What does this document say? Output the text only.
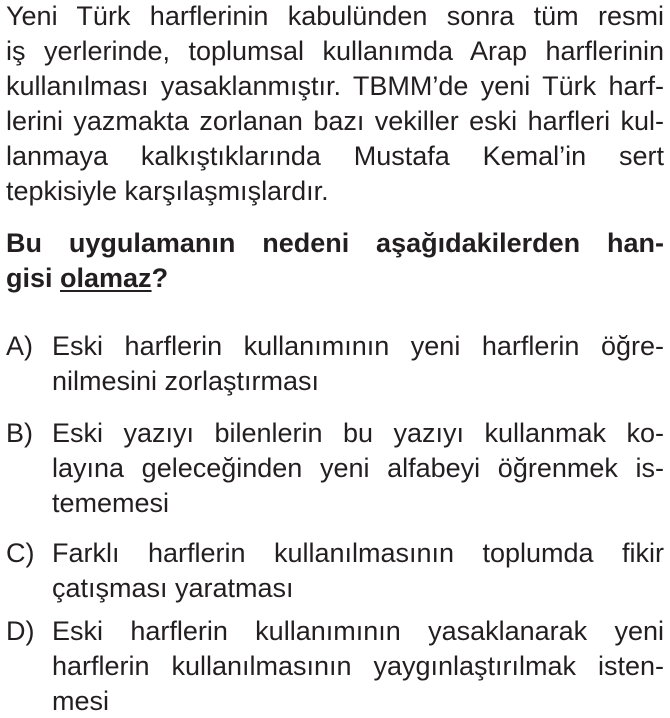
Yeni Türk harflerinin kabulünden sonra tüm resmi
iş yerlerinde, toplumsal kullanımda Arap harflerinin
kullanılması yasaklanmıştır. TBMM’de yeni Türk harf-
lerini yazmakta zorlanan bazı vekiller eski harfleri kul-
lanmaya kalkıştıklarında Mustafa Kemal’in sert
tepkisiyle karşılaşmışlardır.
Bu uygulamanın nedeni aşağıdakilerden han-
gisi olamaz?
A) Eski harflerin kullanımının yeni harflerin öğre-
nilmesini zorlaştırması
B) Eski yazıyı bilenlerin bu yazıyı kullanmak ko-
layına geleceğinden yeni alfabeyi öğrenmek is-
tememesi
C) Farklı harflerin kullanılmasının toplumda fikir
çatışması yaratması
D) Eski harflerin kullanımının yasaklanarak yeni
harflerin kullanılmasının yaygınlaştırılmak isten-
mesi
